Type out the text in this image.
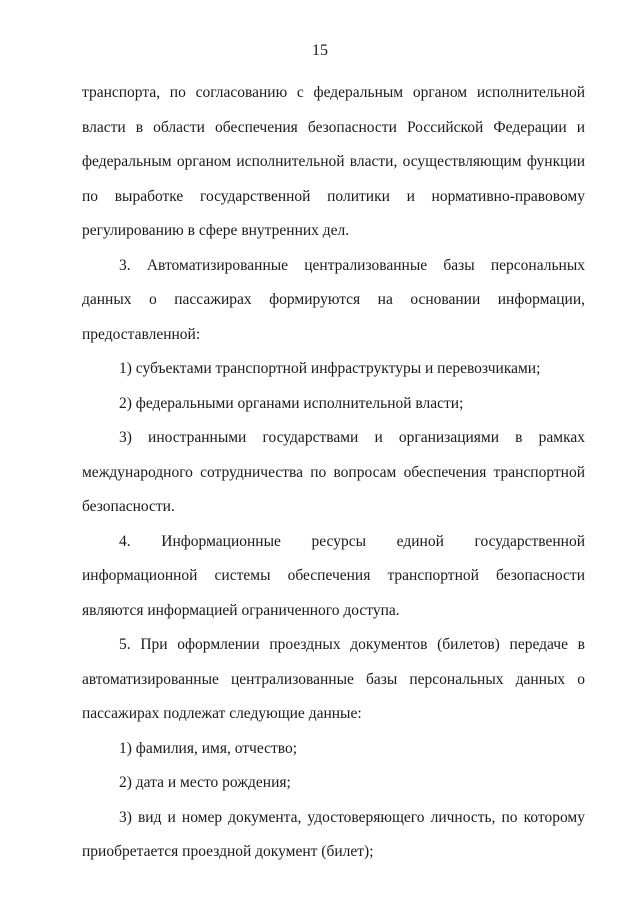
15

транспорта, по согласованию с федеральным органом исполнительной власти в области обеспечения безопасности Российской Федерации и федеральным органом исполнительной власти, осуществляющим функции по выработке государственной политики и нормативно-правовому регулированию в сфере внутренних дел.

3. Автоматизированные централизованные базы персональных данных о пассажирах формируются на основании информации, предоставленной:

1) субъектами транспортной инфраструктуры и перевозчиками;

2) федеральными органами исполнительной власти;

3) иностранными государствами и организациями в рамках международного сотрудничества по вопросам обеспечения транспортной безопасности.

4. Информационные ресурсы единой государственной информационной системы обеспечения транспортной безопасности являются информацией ограниченного доступа.

5. При оформлении проездных документов (билетов) передаче в автоматизированные централизованные базы персональных данных о пассажирах подлежат следующие данные:

1) фамилия, имя, отчество;

2) дата и место рождения;

3) вид и номер документа, удостоверяющего личность, по которому приобретается проездной документ (билет);
